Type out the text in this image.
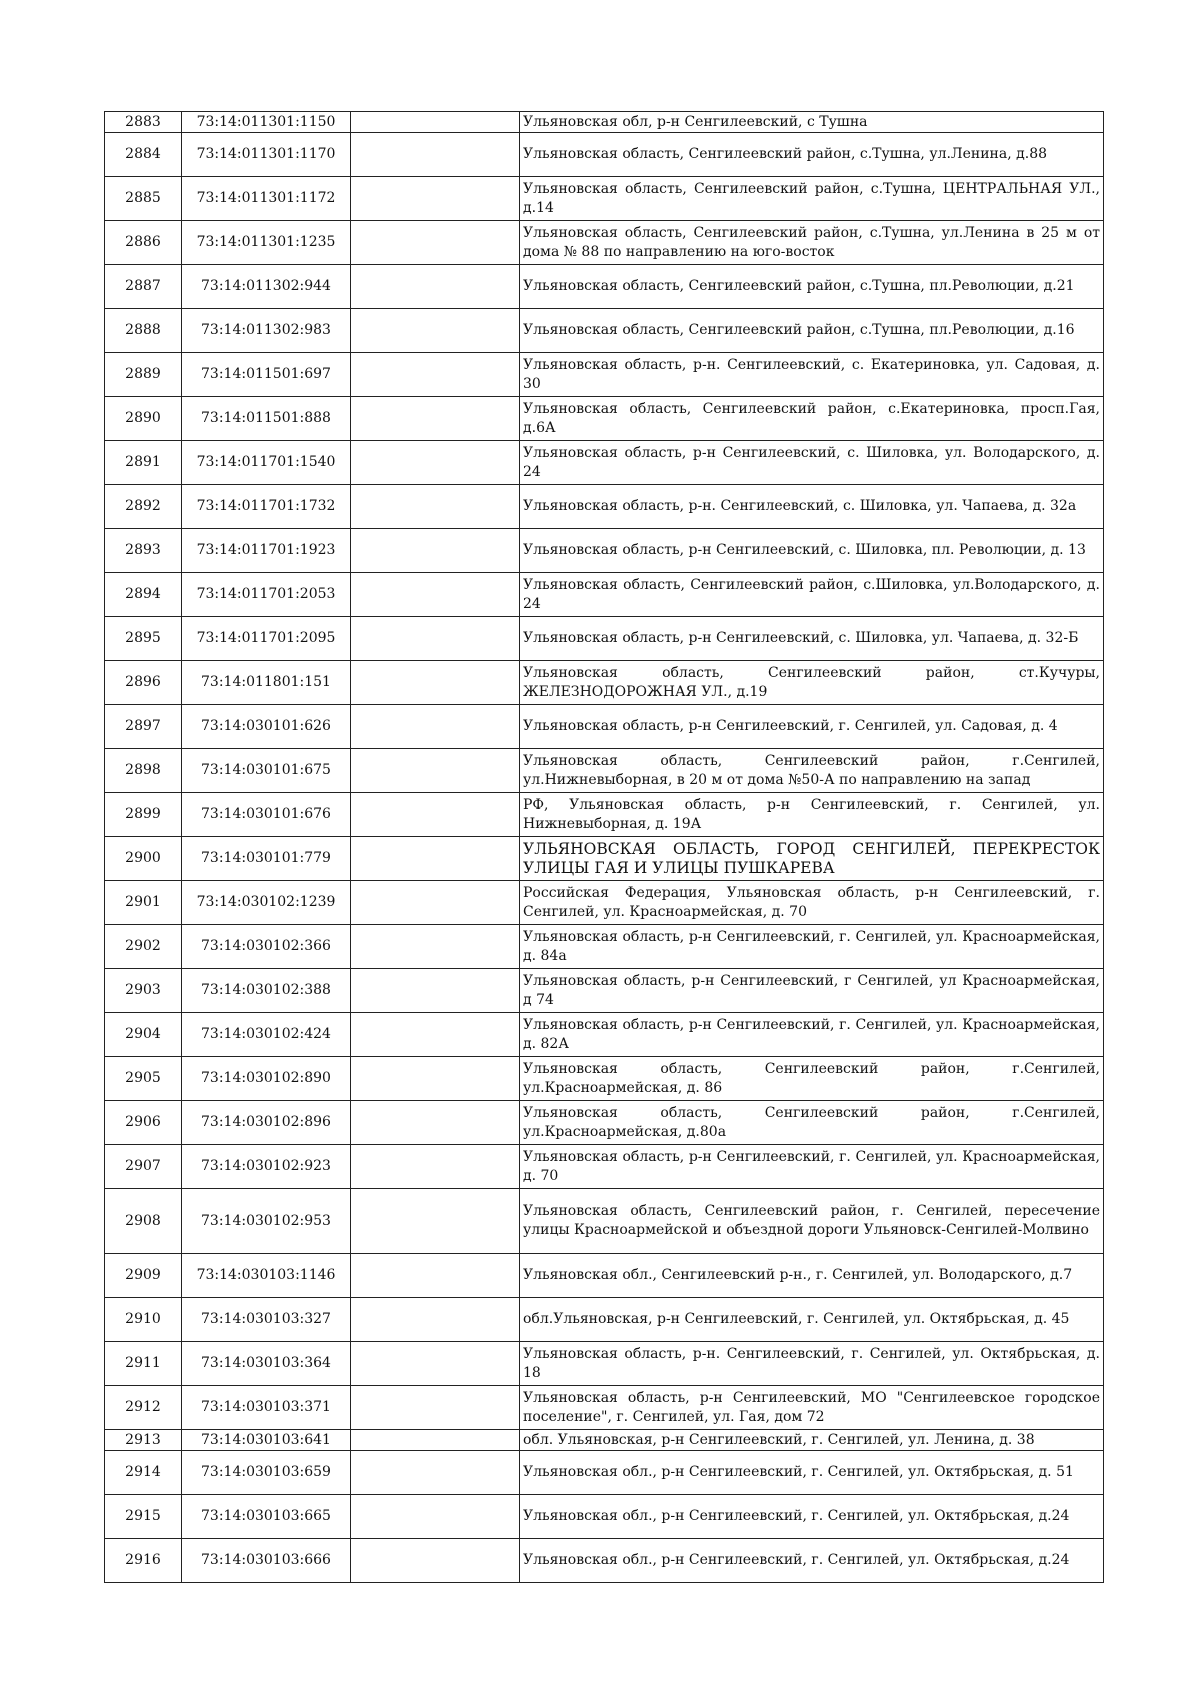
2883	73:14:011301:1150		Ульяновская обл, р-н Сенгилеевский, с Тушна
2884	73:14:011301:1170		Ульяновская область, Сенгилеевский район, с.Тушна, ул.Ленина, д.88
2885	73:14:011301:1172		Ульяновская область, Сенгилеевский район, с.Тушна, ЦЕНТРАЛЬНАЯ УЛ., д.14
2886	73:14:011301:1235		Ульяновская область, Сенгилеевский район, с.Тушна, ул.Ленина в 25 м от дома № 88 по направлению на юго-восток
2887	73:14:011302:944		Ульяновская область, Сенгилеевский район, с.Тушна, пл.Революции, д.21
2888	73:14:011302:983		Ульяновская область, Сенгилеевский район, с.Тушна, пл.Революции, д.16
2889	73:14:011501:697		Ульяновская область, р-н. Сенгилеевский, с. Екатериновка, ул. Садовая, д. 30
2890	73:14:011501:888		Ульяновская область, Сенгилеевский район, с.Екатериновка, просп.Гая, д.6А
2891	73:14:011701:1540		Ульяновская область, р-н Сенгилеевский, с. Шиловка, ул. Володарского, д. 24
2892	73:14:011701:1732		Ульяновская область, р-н. Сенгилеевский, с. Шиловка, ул. Чапаева, д. 32а
2893	73:14:011701:1923		Ульяновская область, р-н Сенгилеевский, с. Шиловка, пл. Революции, д. 13
2894	73:14:011701:2053		Ульяновская область, Сенгилеевский район, с.Шиловка, ул.Володарского, д. 24
2895	73:14:011701:2095		Ульяновская область, р-н Сенгилеевский, с. Шиловка, ул. Чапаева, д. 32-Б
2896	73:14:011801:151		Ульяновская область, Сенгилеевский район, ст.Кучуры, ЖЕЛЕЗНОДОРОЖНАЯ УЛ., д.19
2897	73:14:030101:626		Ульяновская область, р-н Сенгилеевский, г. Сенгилей, ул. Садовая, д. 4
2898	73:14:030101:675		Ульяновская область, Сенгилеевский район, г.Сенгилей, ул.Нижневыборная, в 20 м от дома №50-А по направлению на запад
2899	73:14:030101:676		РФ, Ульяновская область, р-н Сенгилеевский, г. Сенгилей, ул. Нижневыборная, д. 19А
2900	73:14:030101:779		УЛЬЯНОВСКАЯ ОБЛАСТЬ, ГОРОД СЕНГИЛЕЙ, ПЕРЕКРЕСТОК УЛИЦЫ ГАЯ И УЛИЦЫ ПУШКАРЕВА
2901	73:14:030102:1239		Российская Федерация, Ульяновская область, р-н Сенгилеевский, г. Сенгилей, ул. Красноармейская, д. 70
2902	73:14:030102:366		Ульяновская область, р-н Сенгилеевский, г. Сенгилей, ул. Красноармейская, д. 84а
2903	73:14:030102:388		Ульяновская область, р-н Сенгилеевский, г Сенгилей, ул Красноармейская, д 74
2904	73:14:030102:424		Ульяновская область, р-н Сенгилеевский, г. Сенгилей, ул. Красноармейская, д. 82А
2905	73:14:030102:890		Ульяновская область, Сенгилеевский район, г.Сенгилей, ул.Красноармейская, д. 86
2906	73:14:030102:896		Ульяновская область, Сенгилеевский район, г.Сенгилей, ул.Красноармейская, д.80а
2907	73:14:030102:923		Ульяновская область, р-н Сенгилеевский, г. Сенгилей, ул. Красноармейская, д. 70
2908	73:14:030102:953		Ульяновская область, Сенгилеевский район, г. Сенгилей, пересечение улицы Красноармейской и объездной дороги Ульяновск-Сенгилей-Молвино
2909	73:14:030103:1146		Ульяновская обл., Сенгилеевский р-н., г. Сенгилей, ул. Володарского, д.7
2910	73:14:030103:327		обл.Ульяновская, р-н Сенгилеевский, г. Сенгилей, ул. Октябрьская, д. 45
2911	73:14:030103:364		Ульяновская область, р-н. Сенгилеевский, г. Сенгилей, ул. Октябрьская, д. 18
2912	73:14:030103:371		Ульяновская область, р-н Сенгилеевский, МО "Сенгилеевское городское поселение", г. Сенгилей, ул. Гая, дом 72
2913	73:14:030103:641		обл. Ульяновская, р-н Сенгилеевский, г. Сенгилей, ул. Ленина, д. 38
2914	73:14:030103:659		Ульяновская обл., р-н Сенгилеевский, г. Сенгилей, ул. Октябрьская, д. 51
2915	73:14:030103:665		Ульяновская обл., р-н Сенгилеевский, г. Сенгилей, ул. Октябрьская, д.24
2916	73:14:030103:666		Ульяновская обл., р-н Сенгилеевский, г. Сенгилей, ул. Октябрьская, д.24
